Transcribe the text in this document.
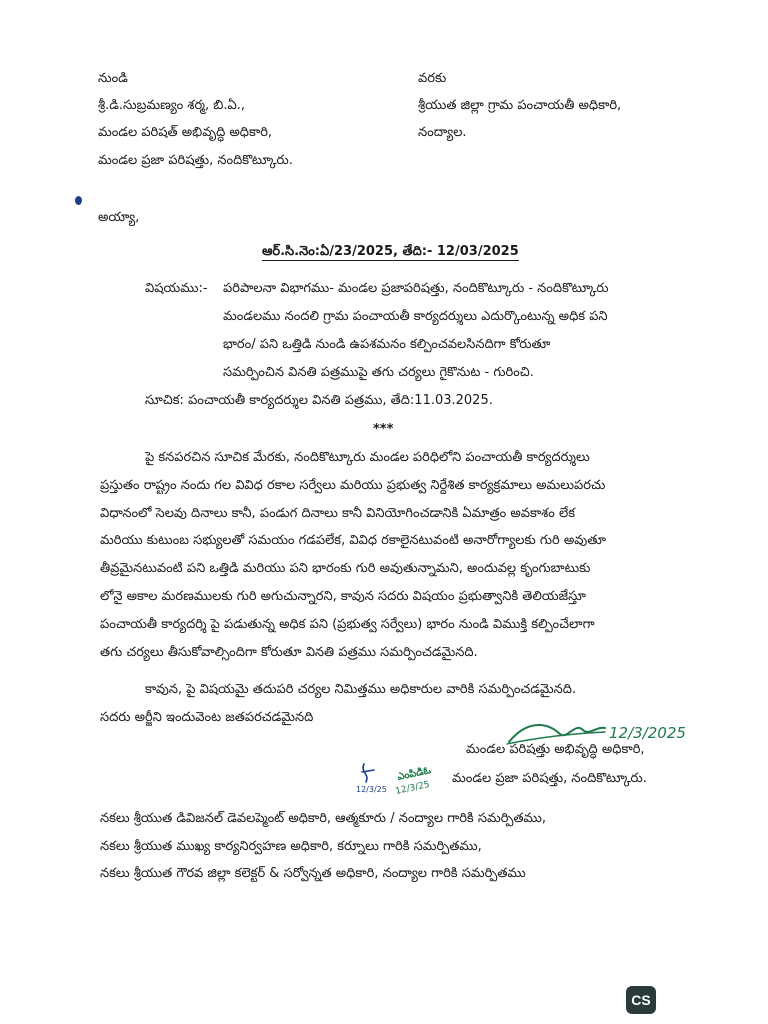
నుండి
శ్రీ.డి.సుబ్రమణ్యం శర్మ, బి.ఏ.,
మండల పరిషత్ అభివృద్ధి అధికారి,
మండల ప్రజా పరిషత్తు, నందికొట్కూరు.
వరకు
శ్రీయుత జిల్లా గ్రామ పంచాయతీ అధికారి,
నంద్యాల.
అయ్యా,
ఆర్.సి.నెం:ఏ/23/2025, తేది:- 12/03/2025
విషయము:- పరిపాలనా విభాగము- మండల ప్రజాపరిషత్తు, నందికొట్కూరు - నందికొట్కూరు
మండలము నందలి గ్రామ పంచాయతీ కార్యదర్శులు ఎదుర్కొంటున్న అధిక పని
భారం/ పని ఒత్తిడి నుండి ఉపశమనం కల్పించవలసినదిగా కోరుతూ
సమర్పించిన వినతి పత్రముపై తగు చర్యలు గైకొనుట - గురించి.
సూచిక: పంచాయతీ కార్యదర్శుల వినతి పత్రము, తేది:11.03.2025.
***
పై కనపరచిన సూచిక మేరకు, నందికొట్కూరు మండల పరిధిలోని పంచాయతీ కార్యదర్శులు
ప్రస్తుతం రాష్ట్రం నందు గల వివిధ రకాల సర్వేలు మరియు ప్రభుత్వ నిర్దేశిత కార్యక్రమాలు అమలుపరచు
విధానంలో సెలవు దినాలు కానీ, పండుగ దినాలు కానీ వినియోగించడానికి ఏమాత్రం అవకాశం లేక
మరియు కుటుంబ సభ్యులతో సమయం గడపలేక, వివిధ రకాలైనటువంటి అనారోగ్యాలకు గురి అవుతూ
తీవ్రమైనటువంటి పని ఒత్తిడి మరియు పని భారంకు గురి అవుతున్నామని, అందువల్ల కృంగుబాటుకు
లోనై అకాల మరణములకు గురి అగుచున్నారని, కావున సదరు విషయం ప్రభుత్వానికి తెలియజేస్తూ
పంచాయతీ కార్యదర్శి పై పడుతున్న అధిక పని (ప్రభుత్వ సర్వేలు) భారం నుండి విముక్తి కల్పించేలాగా
తగు చర్యలు తీసుకోవాల్సిందిగా కోరుతూ వినతి పత్రము సమర్పించడమైనది.
కావున, పై విషయమై తదుపరి చర్యల నిమిత్తము అధికారుల వారికి సమర్పించడమైనది.
సదరు అర్జీని ఇందువెంట జతపరచడమైనది
12/3/2025
మండల పరిషత్తు అభివృద్ధి అధికారి,
మండల ప్రజా పరిషత్తు, నందికొట్కూరు.
12/3/25
ఎంపిడిఓ
12/3/25
నకలు శ్రీయుత డివిజనల్ డెవలప్మెంట్ అధికారి, ఆత్మకూరు / నంద్యాల గారికి సమర్పితము,
నకలు శ్రీయుత ముఖ్య కార్యనిర్వహణ అధికారి, కర్నూలు గారికి సమర్పితము,
నకలు శ్రీయుత గౌరవ జిల్లా కలెక్టర్ & సర్వోన్నత అధికారి, నంద్యాల గారికి సమర్పితము
CS
